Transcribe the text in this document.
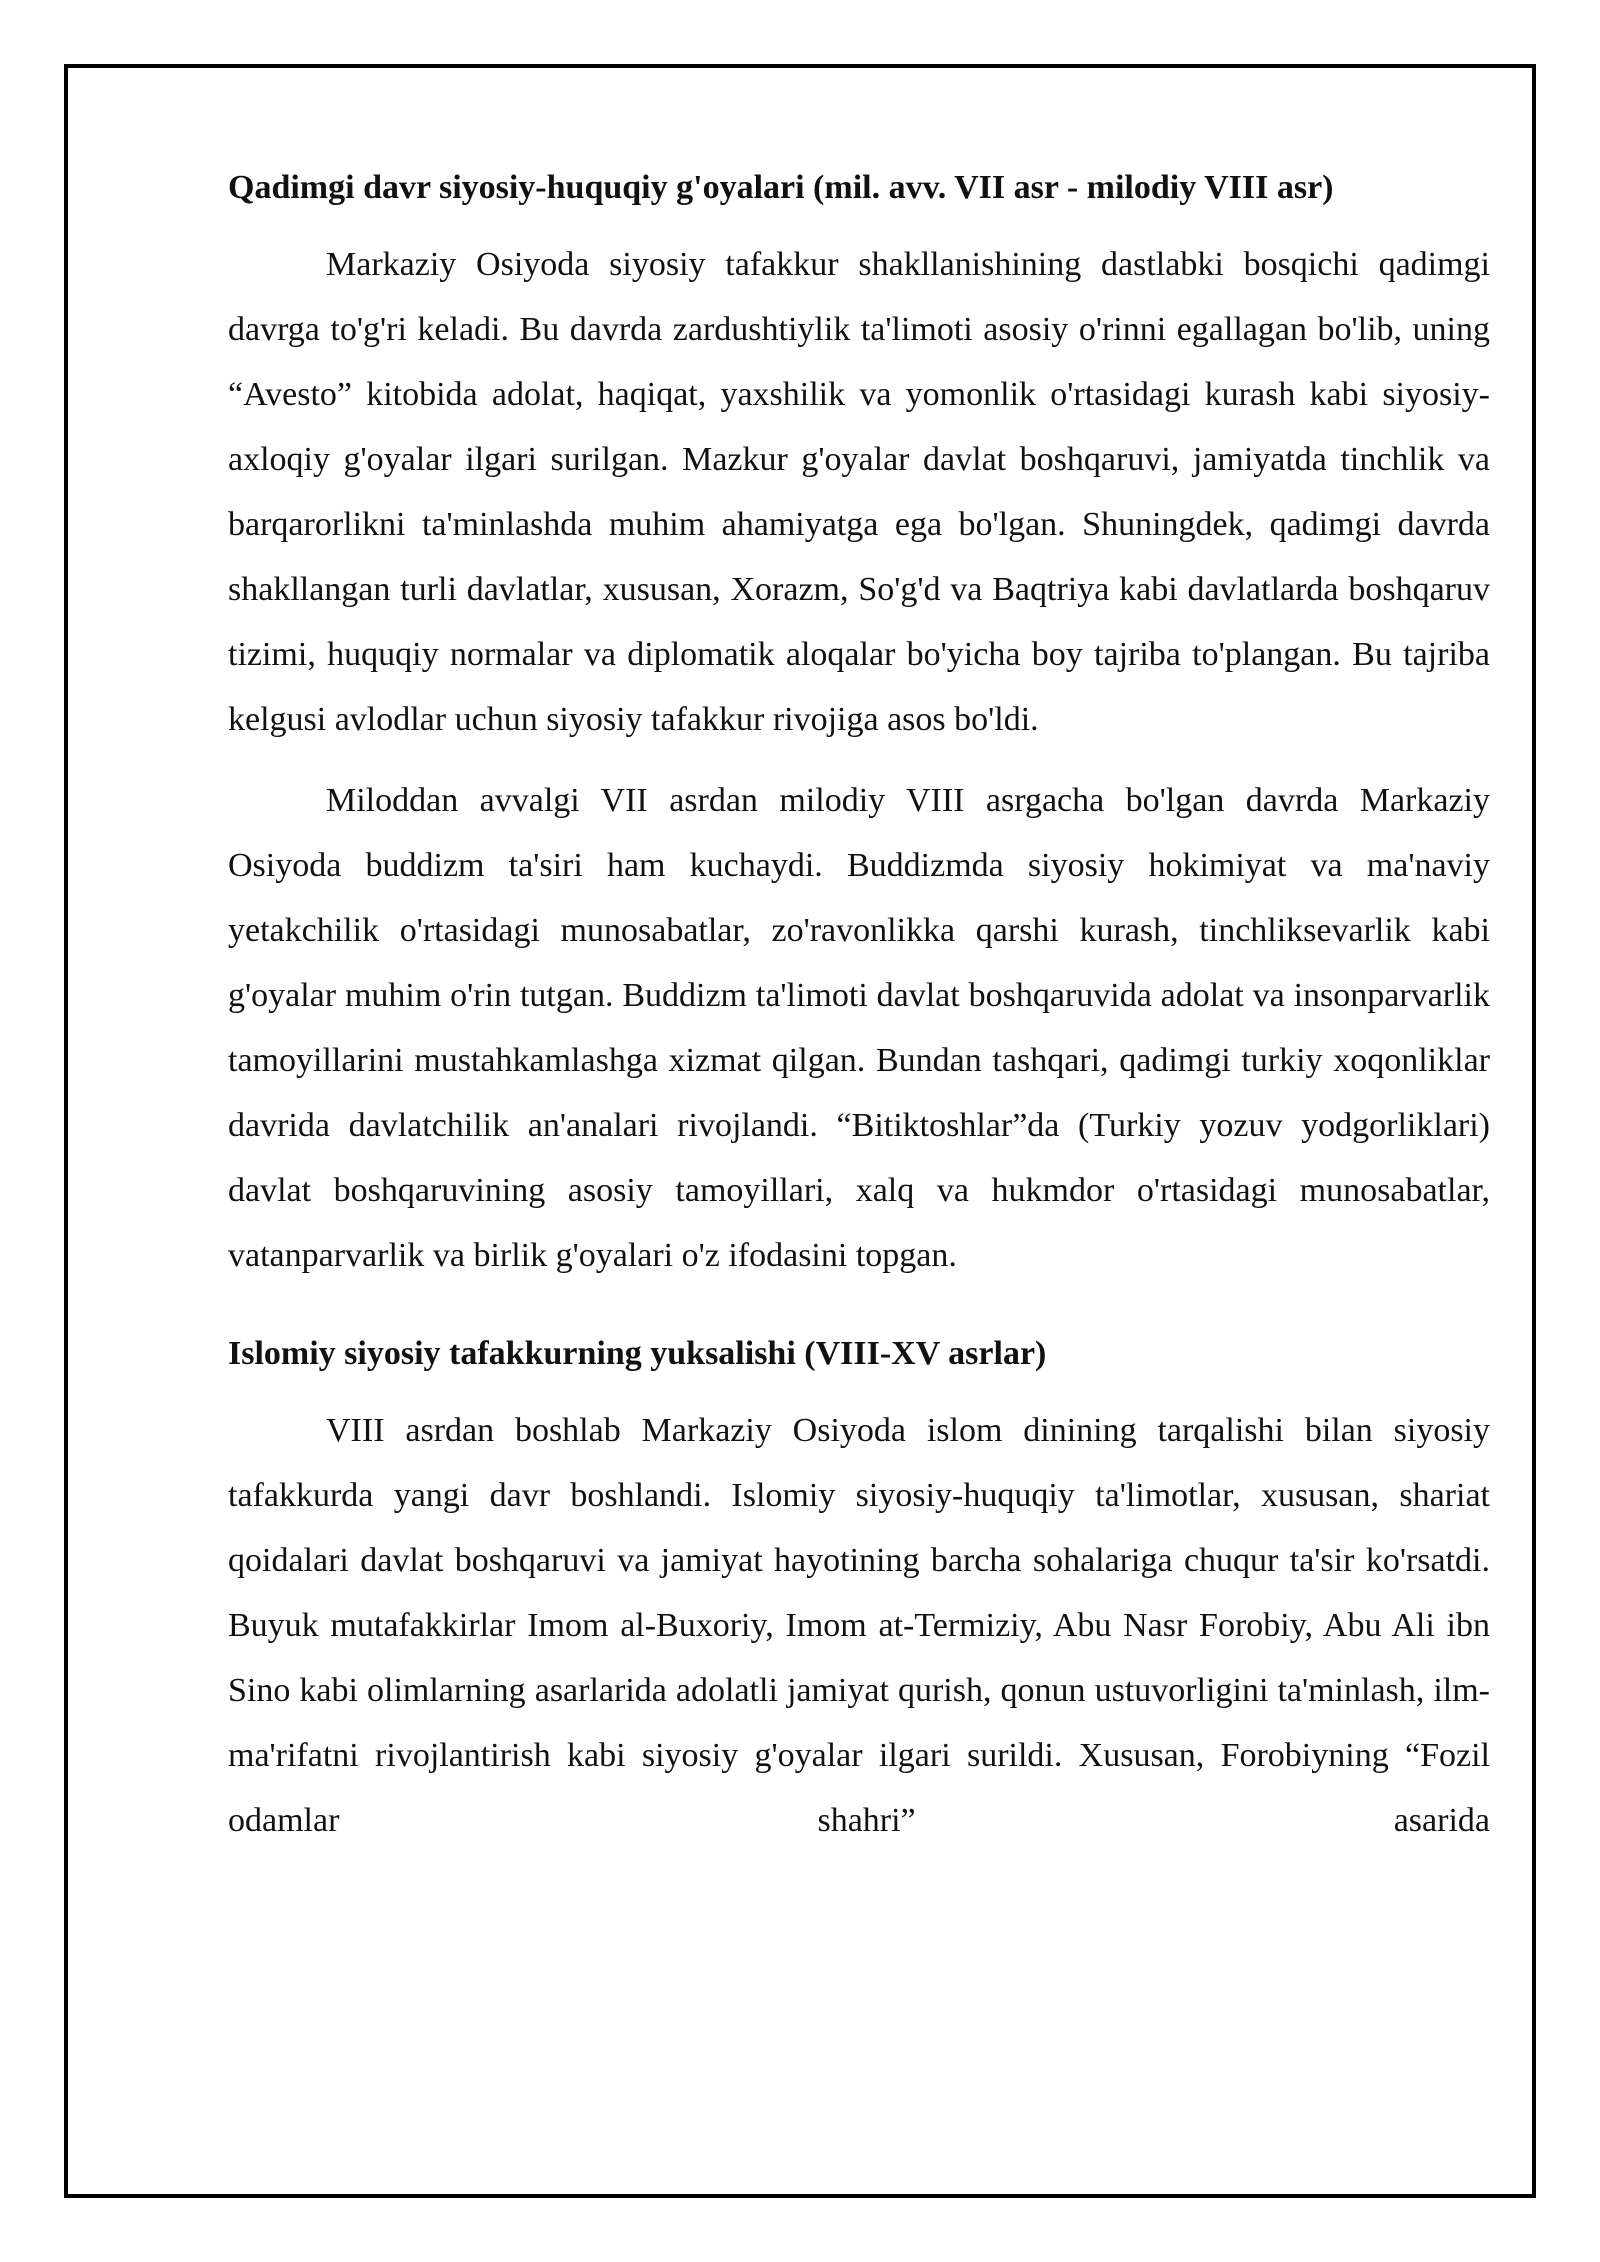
Qadimgi davr siyosiy-huquqiy g'oyalari (mil. avv. VII asr - milodiy VIII asr)

Markaziy Osiyoda siyosiy tafakkur shakllanishining dastlabki bosqichi qadimgi davrga to'g'ri keladi. Bu davrda zardushtiylik ta'limoti asosiy o'rinni egallagan bo'lib, uning “Avesto” kitobida adolat, haqiqat, yaxshilik va yomonlik o'rtasidagi kurash kabi siyosiy-axloqiy g'oyalar ilgari surilgan. Mazkur g'oyalar davlat boshqaruvi, jamiyatda tinchlik va barqarorlikni ta'minlashda muhim ahamiyatga ega bo'lgan. Shuningdek, qadimgi davrda shakllangan turli davlatlar, xususan, Xorazm, So'g'd va Baqtriya kabi davlatlarda boshqaruv tizimi, huquqiy normalar va diplomatik aloqalar bo'yicha boy tajriba to'plangan. Bu tajriba kelgusi avlodlar uchun siyosiy tafakkur rivojiga asos bo'ldi.

Miloddan avvalgi VII asrdan milodiy VIII asrgacha bo'lgan davrda Markaziy Osiyoda buddizm ta'siri ham kuchaydi. Buddizmda siyosiy hokimiyat va ma'naviy yetakchilik o'rtasidagi munosabatlar, zo'ravonlikka qarshi kurash, tinchliksevarlik kabi g'oyalar muhim o'rin tutgan. Buddizm ta'limoti davlat boshqaruvida adolat va insonparvarlik tamoyillarini mustahkamlashga xizmat qilgan. Bundan tashqari, qadimgi turkiy xoqonliklar davrida davlatchilik an'analari rivojlandi. “Bitiktoshlar”da (Turkiy yozuv yodgorliklari) davlat boshqaruvining asosiy tamoyillari, xalq va hukmdor o'rtasidagi munosabatlar, vatanparvarlik va birlik g'oyalari o'z ifodasini topgan.

Islomiy siyosiy tafakkurning yuksalishi (VIII-XV asrlar)

VIII asrdan boshlab Markaziy Osiyoda islom dinining tarqalishi bilan siyosiy tafakkurda yangi davr boshlandi. Islomiy siyosiy-huquqiy ta'limotlar, xususan, shariat qoidalari davlat boshqaruvi va jamiyat hayotining barcha sohalariga chuqur ta'sir ko'rsatdi. Buyuk mutafakkirlar Imom al-Buxoriy, Imom at-Termiziy, Abu Nasr Forobiy, Abu Ali ibn Sino kabi olimlarning asarlarida adolatli jamiyat qurish, qonun ustuvorligini ta'minlash, ilm-ma'rifatni rivojlantirish kabi siyosiy g'oyalar ilgari surildi. Xususan, Forobiyning “Fozil odamlar shahri” asarida
